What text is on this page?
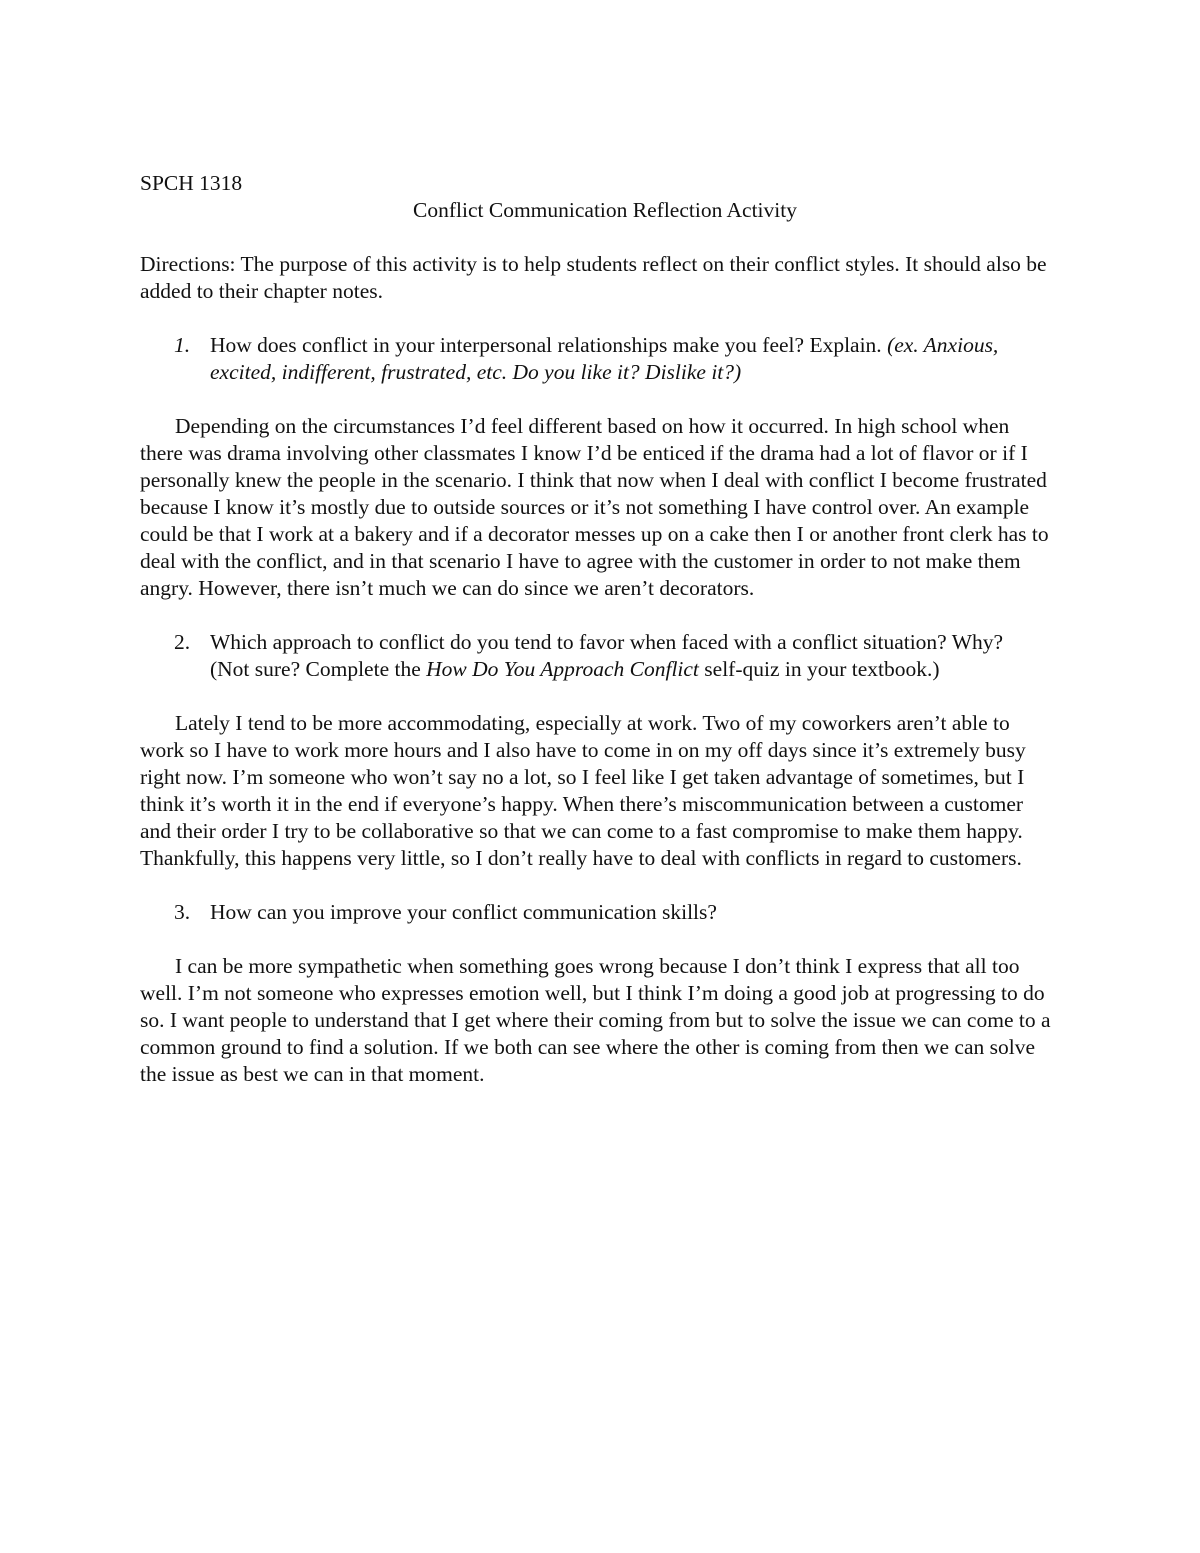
SPCH 1318

Conflict Communication Reflection Activity

Directions: The purpose of this activity is to help students reflect on their conflict styles. It should also be added to their chapter notes.

1. How does conflict in your interpersonal relationships make you feel? Explain. (ex. Anxious, excited, indifferent, frustrated, etc. Do you like it? Dislike it?)

Depending on the circumstances I’d feel different based on how it occurred. In high school when there was drama involving other classmates I know I’d be enticed if the drama had a lot of flavor or if I personally knew the people in the scenario. I think that now when I deal with conflict I become frustrated because I know it’s mostly due to outside sources or it’s not something I have control over. An example could be that I work at a bakery and if a decorator messes up on a cake then I or another front clerk has to deal with the conflict, and in that scenario I have to agree with the customer in order to not make them angry. However, there isn’t much we can do since we aren’t decorators.

2. Which approach to conflict do you tend to favor when faced with a conflict situation? Why? (Not sure? Complete the How Do You Approach Conflict self-quiz in your textbook.)

Lately I tend to be more accommodating, especially at work. Two of my coworkers aren’t able to work so I have to work more hours and I also have to come in on my off days since it’s extremely busy right now. I’m someone who won’t say no a lot, so I feel like I get taken advantage of sometimes, but I think it’s worth it in the end if everyone’s happy. When there’s miscommunication between a customer and their order I try to be collaborative so that we can come to a fast compromise to make them happy. Thankfully, this happens very little, so I don’t really have to deal with conflicts in regard to customers.

3. How can you improve your conflict communication skills?

I can be more sympathetic when something goes wrong because I don’t think I express that all too well. I’m not someone who expresses emotion well, but I think I’m doing a good job at progressing to do so. I want people to understand that I get where their coming from but to solve the issue we can come to a common ground to find a solution. If we both can see where the other is coming from then we can solve the issue as best we can in that moment.
